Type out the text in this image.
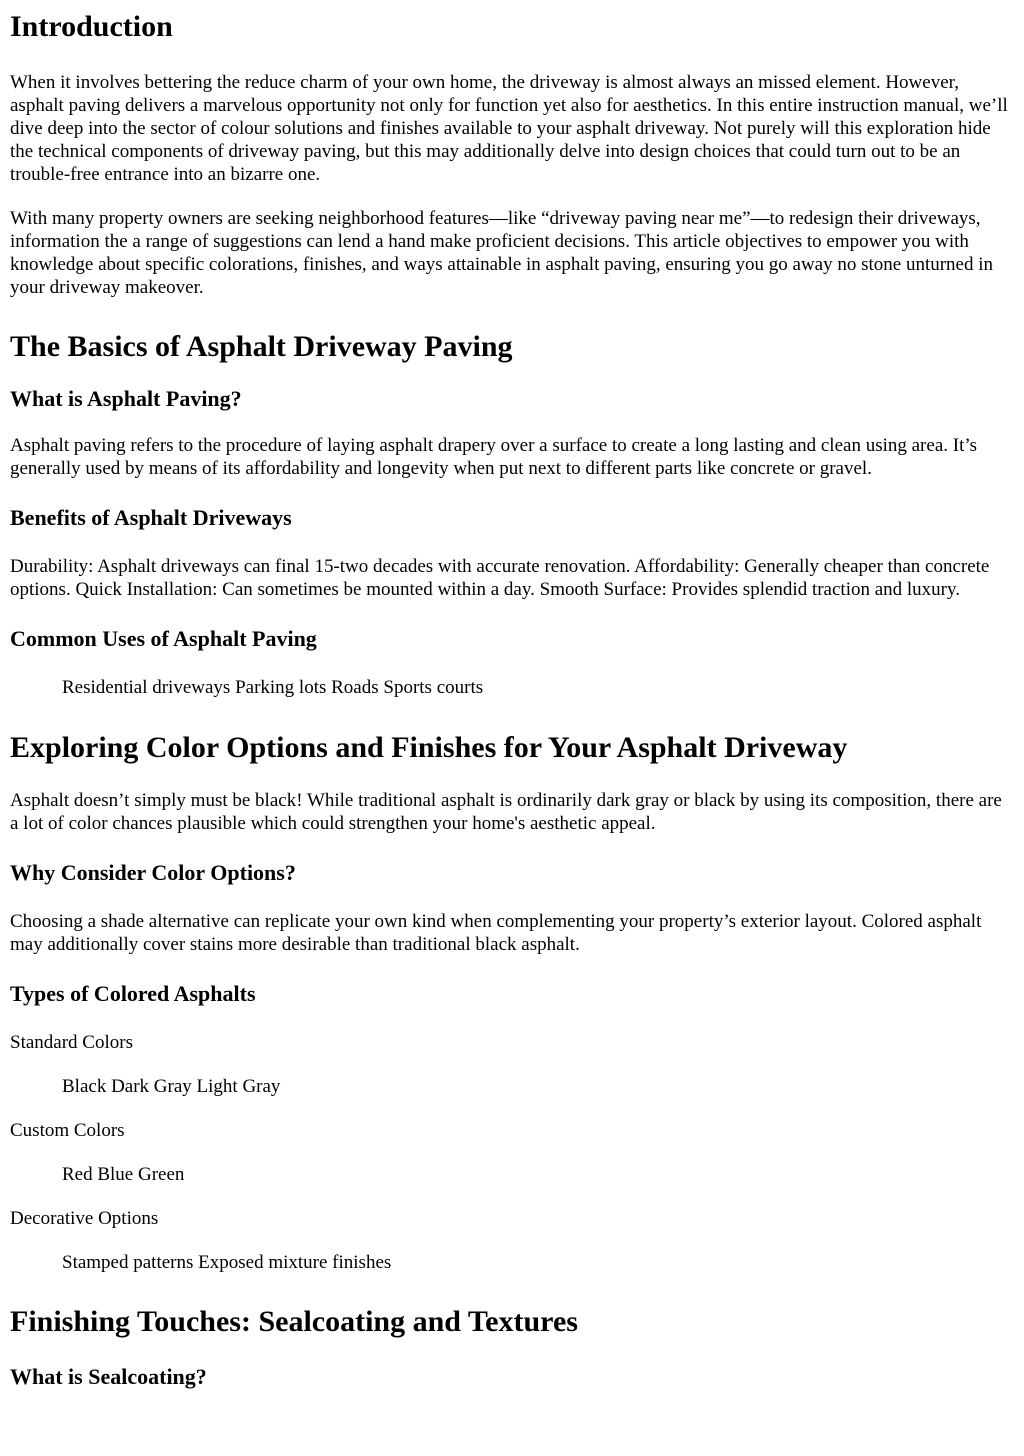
Introduction

When it involves bettering the reduce charm of your own home, the driveway is almost always an missed element. However, asphalt paving delivers a marvelous opportunity not only for function yet also for aesthetics. In this entire instruction manual, we’ll dive deep into the sector of colour solutions and finishes available to your asphalt driveway. Not purely will this exploration hide the technical components of driveway paving, but this may additionally delve into design choices that could turn out to be an trouble-free entrance into an bizarre one.

With many property owners are seeking neighborhood features—like “driveway paving near me”—to redesign their driveways, information the a range of suggestions can lend a hand make proficient decisions. This article objectives to empower you with knowledge about specific colorations, finishes, and ways attainable in asphalt paving, ensuring you go away no stone unturned in your driveway makeover.

The Basics of Asphalt Driveway Paving
What is Asphalt Paving?

Asphalt paving refers to the procedure of laying asphalt drapery over a surface to create a long lasting and clean using area. It’s generally used by means of its affordability and longevity when put next to different parts like concrete or gravel.

Benefits of Asphalt Driveways

Durability: Asphalt driveways can final 15-two decades with accurate renovation. Affordability: Generally cheaper than concrete options. Quick Installation: Can sometimes be mounted within a day. Smooth Surface: Provides splendid traction and luxury.

Common Uses of Asphalt Paving

Residential driveways Parking lots Roads Sports courts

Exploring Color Options and Finishes for Your Asphalt Driveway

Asphalt doesn’t simply must be black! While traditional asphalt is ordinarily dark gray or black by using its composition, there are a lot of color chances plausible which could strengthen your home's aesthetic appeal.

Why Consider Color Options?

Choosing a shade alternative can replicate your own kind when complementing your property’s exterior layout. Colored asphalt may additionally cover stains more desirable than traditional black asphalt.

Types of Colored Asphalts

Standard Colors

Black Dark Gray Light Gray

Custom Colors

Red Blue Green

Decorative Options

Stamped patterns Exposed mixture finishes

Finishing Touches: Sealcoating and Textures
What is Sealcoating?
